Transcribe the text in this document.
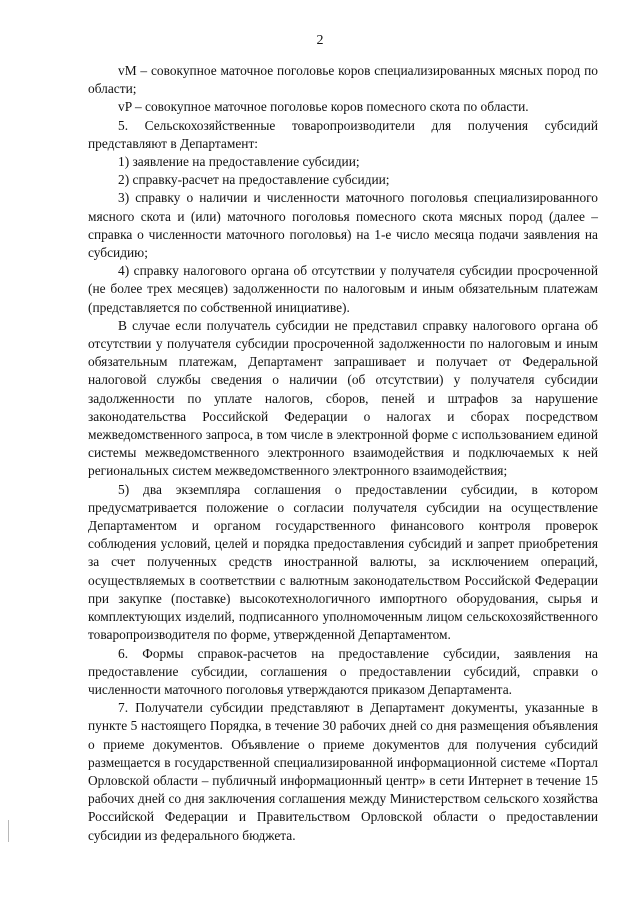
2

vM – совокупное маточное поголовье коров специализированных мясных пород по области;

vP – совокупное маточное поголовье коров помесного скота по области.

5. Сельскохозяйственные товаропроизводители для получения субсидий представляют в Департамент:

1) заявление на предоставление субсидии;

2) справку-расчет на предоставление субсидии;

3) справку о наличии и численности маточного поголовья специализированного мясного скота и (или) маточного поголовья помесного скота мясных пород (далее – справка о численности маточного поголовья) на 1-е число месяца подачи заявления на субсидию;

4) справку налогового органа об отсутствии у получателя субсидии просроченной (не более трех месяцев) задолженности по налоговым и иным обязательным платежам (представляется по собственной инициативе).

В случае если получатель субсидии не представил справку налогового органа об отсутствии у получателя субсидии просроченной задолженности по налоговым и иным обязательным платежам, Департамент запрашивает и получает от Федеральной налоговой службы сведения о наличии (об отсутствии) у получателя субсидии задолженности по уплате налогов, сборов, пеней и штрафов за нарушение законодательства Российской Федерации о налогах и сборах посредством межведомственного запроса, в том числе в электронной форме с использованием единой системы межведомственного электронного взаимодействия и подключаемых к ней региональных систем межведомственного электронного взаимодействия;

5) два экземпляра соглашения о предоставлении субсидии, в котором предусматривается положение о согласии получателя субсидии на осуществление Департаментом и органом государственного финансового контроля проверок соблюдения условий, целей и порядка предоставления субсидий и запрет приобретения за счет полученных средств иностранной валюты, за исключением операций, осуществляемых в соответствии с валютным законодательством Российской Федерации при закупке (поставке) высокотехнологичного импортного оборудования, сырья и комплектующих изделий, подписанного уполномоченным лицом сельскохозяйственного товаропроизводителя по форме, утвержденной Департаментом.

6. Формы справок-расчетов на предоставление субсидии, заявления на предоставление субсидии, соглашения о предоставлении субсидий, справки о численности маточного поголовья утверждаются приказом Департамента.

7. Получатели субсидии представляют в Департамент документы, указанные в пункте 5 настоящего Порядка, в течение 30 рабочих дней со дня размещения объявления о приеме документов. Объявление о приеме документов для получения субсидий размещается в государственной специализированной информационной системе «Портал Орловской области – публичный информационный центр» в сети Интернет в течение 15 рабочих дней со дня заключения соглашения между Министерством сельского хозяйства Российской Федерации и Правительством Орловской области о предоставлении субсидии из федерального бюджета.
